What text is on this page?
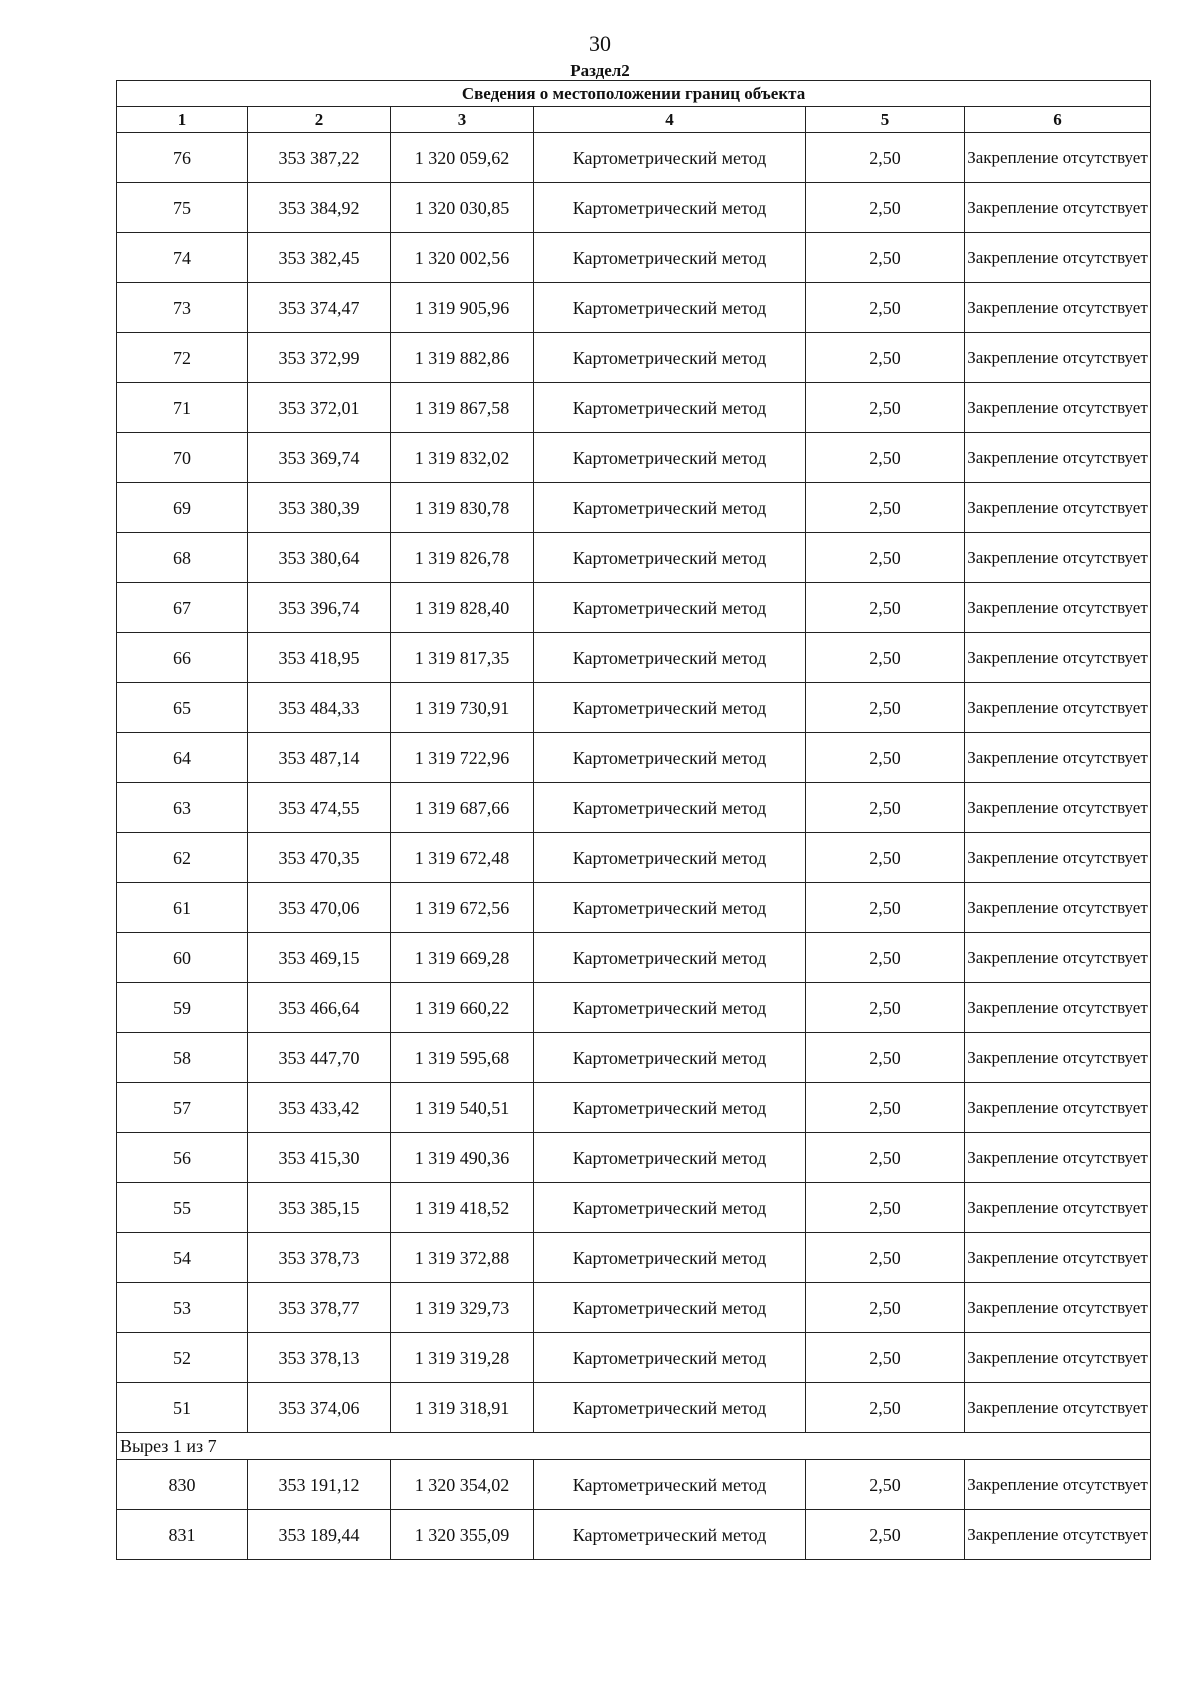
30
Раздел2
Сведения о местоположении границ объекта					
1	2	3	4	5	6
76	353 387,22	1 320 059,62	Картометрический метод	2,50	Закрепление отсутствует
75	353 384,92	1 320 030,85	Картометрический метод	2,50	Закрепление отсутствует
74	353 382,45	1 320 002,56	Картометрический метод	2,50	Закрепление отсутствует
73	353 374,47	1 319 905,96	Картометрический метод	2,50	Закрепление отсутствует
72	353 372,99	1 319 882,86	Картометрический метод	2,50	Закрепление отсутствует
71	353 372,01	1 319 867,58	Картометрический метод	2,50	Закрепление отсутствует
70	353 369,74	1 319 832,02	Картометрический метод	2,50	Закрепление отсутствует
69	353 380,39	1 319 830,78	Картометрический метод	2,50	Закрепление отсутствует
68	353 380,64	1 319 826,78	Картометрический метод	2,50	Закрепление отсутствует
67	353 396,74	1 319 828,40	Картометрический метод	2,50	Закрепление отсутствует
66	353 418,95	1 319 817,35	Картометрический метод	2,50	Закрепление отсутствует
65	353 484,33	1 319 730,91	Картометрический метод	2,50	Закрепление отсутствует
64	353 487,14	1 319 722,96	Картометрический метод	2,50	Закрепление отсутствует
63	353 474,55	1 319 687,66	Картометрический метод	2,50	Закрепление отсутствует
62	353 470,35	1 319 672,48	Картометрический метод	2,50	Закрепление отсутствует
61	353 470,06	1 319 672,56	Картометрический метод	2,50	Закрепление отсутствует
60	353 469,15	1 319 669,28	Картометрический метод	2,50	Закрепление отсутствует
59	353 466,64	1 319 660,22	Картометрический метод	2,50	Закрепление отсутствует
58	353 447,70	1 319 595,68	Картометрический метод	2,50	Закрепление отсутствует
57	353 433,42	1 319 540,51	Картометрический метод	2,50	Закрепление отсутствует
56	353 415,30	1 319 490,36	Картометрический метод	2,50	Закрепление отсутствует
55	353 385,15	1 319 418,52	Картометрический метод	2,50	Закрепление отсутствует
54	353 378,73	1 319 372,88	Картометрический метод	2,50	Закрепление отсутствует
53	353 378,77	1 319 329,73	Картометрический метод	2,50	Закрепление отсутствует
52	353 378,13	1 319 319,28	Картометрический метод	2,50	Закрепление отсутствует
51	353 374,06	1 319 318,91	Картометрический метод	2,50	Закрепление отсутствует
Вырез 1 из 7					
830	353 191,12	1 320 354,02	Картометрический метод	2,50	Закрепление отсутствует
831	353 189,44	1 320 355,09	Картометрический метод	2,50	Закрепление отсутствует
